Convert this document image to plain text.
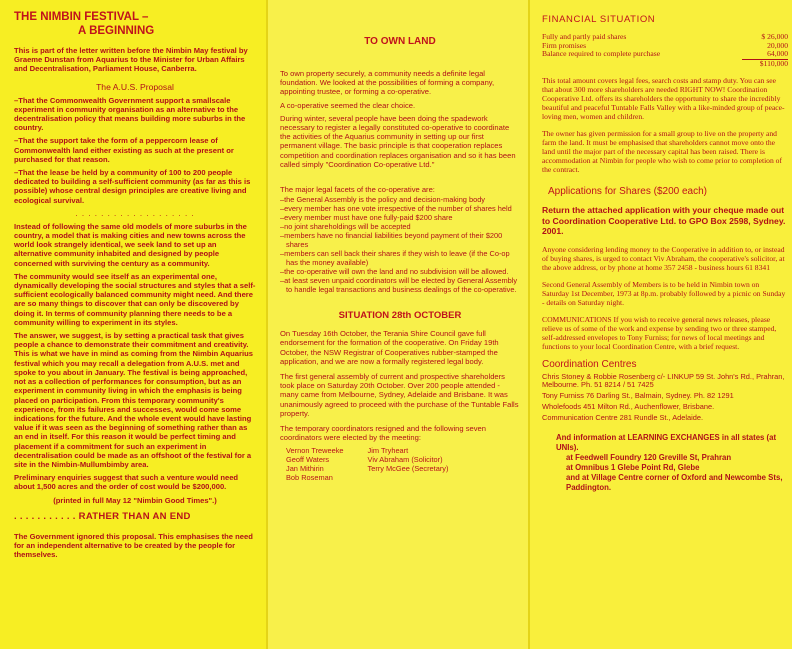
THE NIMBIN FESTIVAL –
A BEGINNING

This is part of the letter written before the Nimbin May festival by Graeme Dunstan from Aquarius to the Minister for Urban Affairs and Decentralisation, Parliament House, Canberra.

The A.U.S. Proposal

–That the Commonwealth Government support a smallscale experiment in community organisation as an alternative to the decentralisation policy that means building more suburbs in the country.

–That the support take the form of a peppercorn lease of Commonwealth land either existing as such at the present or purchased for that reason.

–That the lease be held by a community of 100 to 200 people dedicated to building a self-sufficient community (as far as this is possible) whose central design principles are creative living and ecological survival.

. . . . . . . . . . . . . . . . . . .

Instead of following the same old models of more suburbs in the country, a model that is making cities and new towns across the world look strangely identical, we seek land to set up an alternative community inhabited and designed by people concerned with surviving the century as a community.

The community would see itself as an experimental one, dynamically developing the social structures and styles that a self-sufficient ecologically balanced community might need. And there are so many things to discover that can only be discovered by doing it. In terms of community planning there needs to be a community willing to experiment in its styles.

The answer, we suggest, is by setting a practical task that gives people a chance to demonstrate their commitment and creativity. This is what we have in mind as coming from the Nimbin Aquarius festival which you may recall a delegation from A.U.S. met and spoke to you about in January. The festival is being approached, not as a collection of performances for consumption, but as an experiment in community living in which the emphasis is being placed on participation. From this temporary community's experience, from its failures and successes, would come some indications for the future. And the whole event would have lasting value if it was seen as the beginning of something rather than as an end in itself. For this reason it would be perfect timing and placement if a commitment for such an experiment in decentralisation could be made as an offshoot of the festival for a site in the Nimbin-Mullumbimby area.

Preliminary enquiries suggest that such a venture would need about 1,500 acres and the order of cost would be $200,000.

(printed in full May 12 "Nimbin Good Times".)

. . . . . . . . . . . RATHER THAN AN END

The Government ignored this proposal. This emphasises the need for an independent alternative to be created by the people for themselves.

TO OWN LAND

To own property securely, a community needs a definite legal foundation. We looked at the possibilities of forming a company, appointing trustee, or forming a co-operative.

A co-operative seemed the clear choice.

During winter, several people have been doing the spadework necessary to register a legally constituted co-operative to coordinate the activities of the Aquarius community in setting up our first permanent village. The basic principle is that cooperation replaces competition and coordination replaces organisation and so it has been called simply "Coordination Co-operative Ltd."

The major legal facets of the co-operative are:

–the General Assembly is the policy and decision-making body
–every member has one vote irrespective of the number of shares held
–every member must have one fully-paid $200 share
–no joint shareholdings will be accepted
–members have no financial liabilities beyond payment of their $200 shares
–members can sell back their shares if they wish to leave (if the Co-op has the money available)
–the co-operative will own the land and no subdivision will be allowed.
–at least seven unpaid coordinators will be elected by General Assembly to handle legal transactions and business dealings of the co-operative.
SITUATION 28th OCTOBER

On Tuesday 16th October, the Terania Shire Council gave full endorsement for the formation of the cooperative. On Friday 19th October, the NSW Registrar of Cooperatives rubber-stamped the application, and we are now a formally registered legal body.

The first general assembly of current and prospective shareholders took place on Saturday 20th October. Over 200 people attended - many came from Melbourne, Sydney, Adelaide and Brisbane. It was unanimously agreed to proceed with the purchase of the Tuntable Falls property.

The temporary coordinators resigned and the following seven coordinators were elected by the meeting:

Vernon Treweeke
Geoff Waters
Jan Mithirin
Bob Roseman
Jim Tryheart
Viv Abraham (Solicitor)
Terry McGee (Secretary)
FINANCIAL SITUATION
Fully and partly paid shares	$ 26,000
Firm promises	20,000
Balance required to complete purchase	64,000
	$110,000

This total amount covers legal fees, search costs and stamp duty. You can see that about 300 more shareholders are needed RIGHT NOW! Coordination Cooperative Ltd. offers its shareholders the opportunity to share the incredibly beautiful and peaceful Tuntable Falls Valley with a like-minded group of peace-loving men, women and children.

The owner has given permission for a small group to live on the property and farm the land. It must be emphasised that shareholders cannot move onto the land until the major part of the necessary capital has been raised. There is accommodation at Nimbin for people who wish to come prior to completion of the contract.

Applications for Shares ($200 each)

Return the attached application with your cheque made out to Coordination Cooperative Ltd. to GPO Box 2598, Sydney. 2001.

Anyone considering lending money to the Cooperative in addition to, or instead of buying shares, is urged to contact Viv Abraham, the cooperative's solicitor, at the above address, or by phone at home 357 2458 - business hours 61 8341

Second General Assembly of Members is to be held in Nimbin town on Saturday 1st December, 1973 at 8p.m. probably followed by a picnic on Sunday - details on Saturday night.

COMMUNICATIONS If you wish to receive general news releases, please relieve us of some of the work and expense by sending two or three stamped, self-addressed envelopes to Tony Furniss; for news of local meetings and functions to your local Coordination Centre, with a brief request.

Coordination Centres

Chris Stoney & Robbie Rosenberg c/- LINKUP 59 St. John's Rd., Prahran, Melbourne. Ph. 51 8214 / 51 7425

Tony Furniss 76 Darling St., Balmain, Sydney. Ph. 82 1291

Wholefoods 451 Milton Rd., Auchenflower, Brisbane.

Communication Centre 281 Rundle St., Adelaide.

And information at LEARNING EXCHANGES in all states (at UNIs).
at Feedwell Foundry 120 Greville St, Prahran
at Omnibus 1 Glebe Point Rd, Glebe
and at Village Centre corner of Oxford and Newcombe Sts, Paddington.
